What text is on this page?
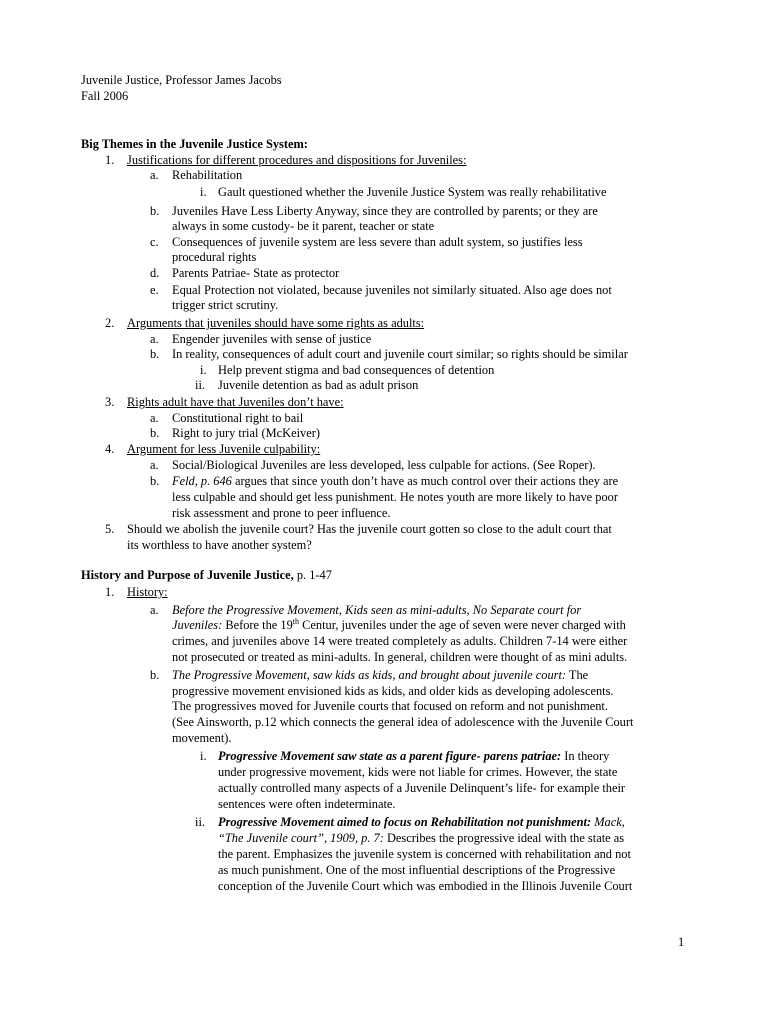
Juvenile Justice, Professor James Jacobs
Fall 2006
Big Themes in the Juvenile Justice System:
1. Justifications for different procedures and dispositions for Juveniles:
a. Rehabilitation
i. Gault questioned whether the Juvenile Justice System was really rehabilitative
b. Juveniles Have Less Liberty Anyway, since they are controlled by parents; or they are
always in some custody- be it parent, teacher or state
c. Consequences of juvenile system are less severe than adult system, so justifies less
procedural rights
d. Parents Patriae- State as protector
e. Equal Protection not violated, because juveniles not similarly situated. Also age does not
trigger strict scrutiny.
2. Arguments that juveniles should have some rights as adults:
a. Engender juveniles with sense of justice
b. In reality, consequences of adult court and juvenile court similar; so rights should be similar
i. Help prevent stigma and bad consequences of detention
ii. Juvenile detention as bad as adult prison
3. Rights adult have that Juveniles don’t have:
a. Constitutional right to bail
b. Right to jury trial (McKeiver)
4. Argument for less Juvenile culpability:
a. Social/Biological Juveniles are less developed, less culpable for actions. (See Roper).
b. Feld, p. 646 argues that since youth don’t have as much control over their actions they are
less culpable and should get less punishment. He notes youth are more likely to have poor
risk assessment and prone to peer influence.
5. Should we abolish the juvenile court? Has the juvenile court gotten so close to the adult court that
its worthless to have another system?
History and Purpose of Juvenile Justice, p. 1-47
1. History:
a. Before the Progressive Movement, Kids seen as mini-adults, No Separate court for
Juveniles: Before the 19th Centur, juveniles under the age of seven were never charged with
crimes, and juveniles above 14 were treated completely as adults. Children 7-14 were either
not prosecuted or treated as mini-adults. In general, children were thought of as mini adults.
b. The Progressive Movement, saw kids as kids, and brought about juvenile court: The
progressive movement envisioned kids as kids, and older kids as developing adolescents.
The progressives moved for Juvenile courts that focused on reform and not punishment.
(See Ainsworth, p.12 which connects the general idea of adolescence with the Juvenile Court
movement).
i. Progressive Movement saw state as a parent figure- parens patriae: In theory
under progressive movement, kids were not liable for crimes. However, the state
actually controlled many aspects of a Juvenile Delinquent’s life- for example their
sentences were often indeterminate.
ii. Progressive Movement aimed to focus on Rehabilitation not punishment: Mack,
“The Juvenile court”, 1909, p. 7: Describes the progressive ideal with the state as
the parent. Emphasizes the juvenile system is concerned with rehabilitation and not
as much punishment. One of the most influential descriptions of the Progressive
conception of the Juvenile Court which was embodied in the Illinois Juvenile Court
1
